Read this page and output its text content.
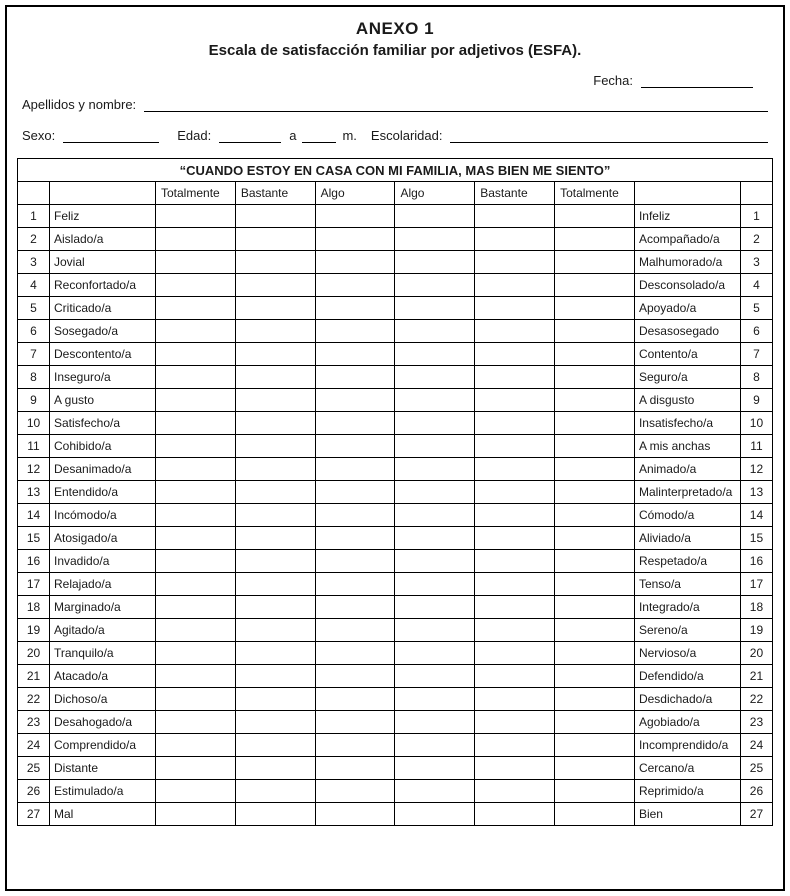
ANEXO 1
Escala de satisfacción familiar por adjetivos (ESFA).
Fecha:
Apellidos y nombre:
Sexo:	Edad:	a	m. Escolaridad:
“CUANDO ESTOY EN CASA CON MI FAMILIA, MAS BIEN ME SIENTO”									
		Totalmente	Bastante	Algo	Algo	Bastante	Totalmente		
1	Feliz							Infeliz	1
2	Aislado/a							Acompañado/a	2
3	Jovial							Malhumorado/a	3
4	Reconfortado/a							Desconsolado/a	4
5	Criticado/a							Apoyado/a	5
6	Sosegado/a							Desasosegado	6
7	Descontento/a							Contento/a	7
8	Inseguro/a							Seguro/a	8
9	A gusto							A disgusto	9
10	Satisfecho/a							Insatisfecho/a	10
11	Cohibido/a							A mis anchas	11
12	Desanimado/a							Animado/a	12
13	Entendido/a							Malinterpretado/a	13
14	Incómodo/a							Cómodo/a	14
15	Atosigado/a							Aliviado/a	15
16	Invadido/a							Respetado/a	16
17	Relajado/a							Tenso/a	17
18	Marginado/a							Integrado/a	18
19	Agitado/a							Sereno/a	19
20	Tranquilo/a							Nervioso/a	20
21	Atacado/a							Defendido/a	21
22	Dichoso/a							Desdichado/a	22
23	Desahogado/a							Agobiado/a	23
24	Comprendido/a							Incomprendido/a	24
25	Distante							Cercano/a	25
26	Estimulado/a							Reprimido/a	26
27	Mal							Bien	27
